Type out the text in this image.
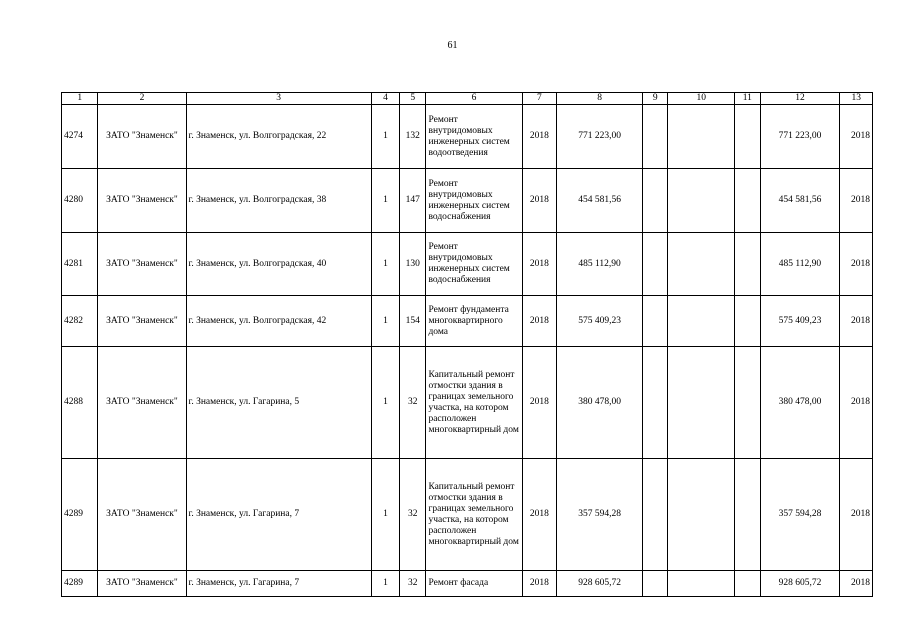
61
1	2	3	4	5	6	7	8	9	10	11	12	13
4274	ЗАТО "Знаменск"	г. Знаменск, ул. Волгоградская, 22	1	132	Ремонт внутридомовых инженерных систем водоотведения	2018	771 223,00				771 223,00	2018
4280	ЗАТО "Знаменск"	г. Знаменск, ул. Волгоградская, 38	1	147	Ремонт внутридомовых инженерных систем водоснабжения	2018	454 581,56				454 581,56	2018
4281	ЗАТО "Знаменск"	г. Знаменск, ул. Волгоградская, 40	1	130	Ремонт внутридомовых инженерных систем водоснабжения	2018	485 112,90				485 112,90	2018
4282	ЗАТО "Знаменск"	г. Знаменск, ул. Волгоградская, 42	1	154	Ремонт фундамента многоквартирного дома	2018	575 409,23				575 409,23	2018
4288	ЗАТО "Знаменск"	г. Знаменск, ул. Гагарина, 5	1	32	Капитальный ремонт отмостки здания в границах земельного участка, на котором расположен многоквартирный дом	2018	380 478,00				380 478,00	2018
4289	ЗАТО "Знаменск"	г. Знаменск, ул. Гагарина, 7	1	32	Капитальный ремонт отмостки здания в границах земельного участка, на котором расположен многоквартирный дом	2018	357 594,28				357 594,28	2018
4289	ЗАТО "Знаменск"	г. Знаменск, ул. Гагарина, 7	1	32	Ремонт фасада	2018	928 605,72				928 605,72	2018
